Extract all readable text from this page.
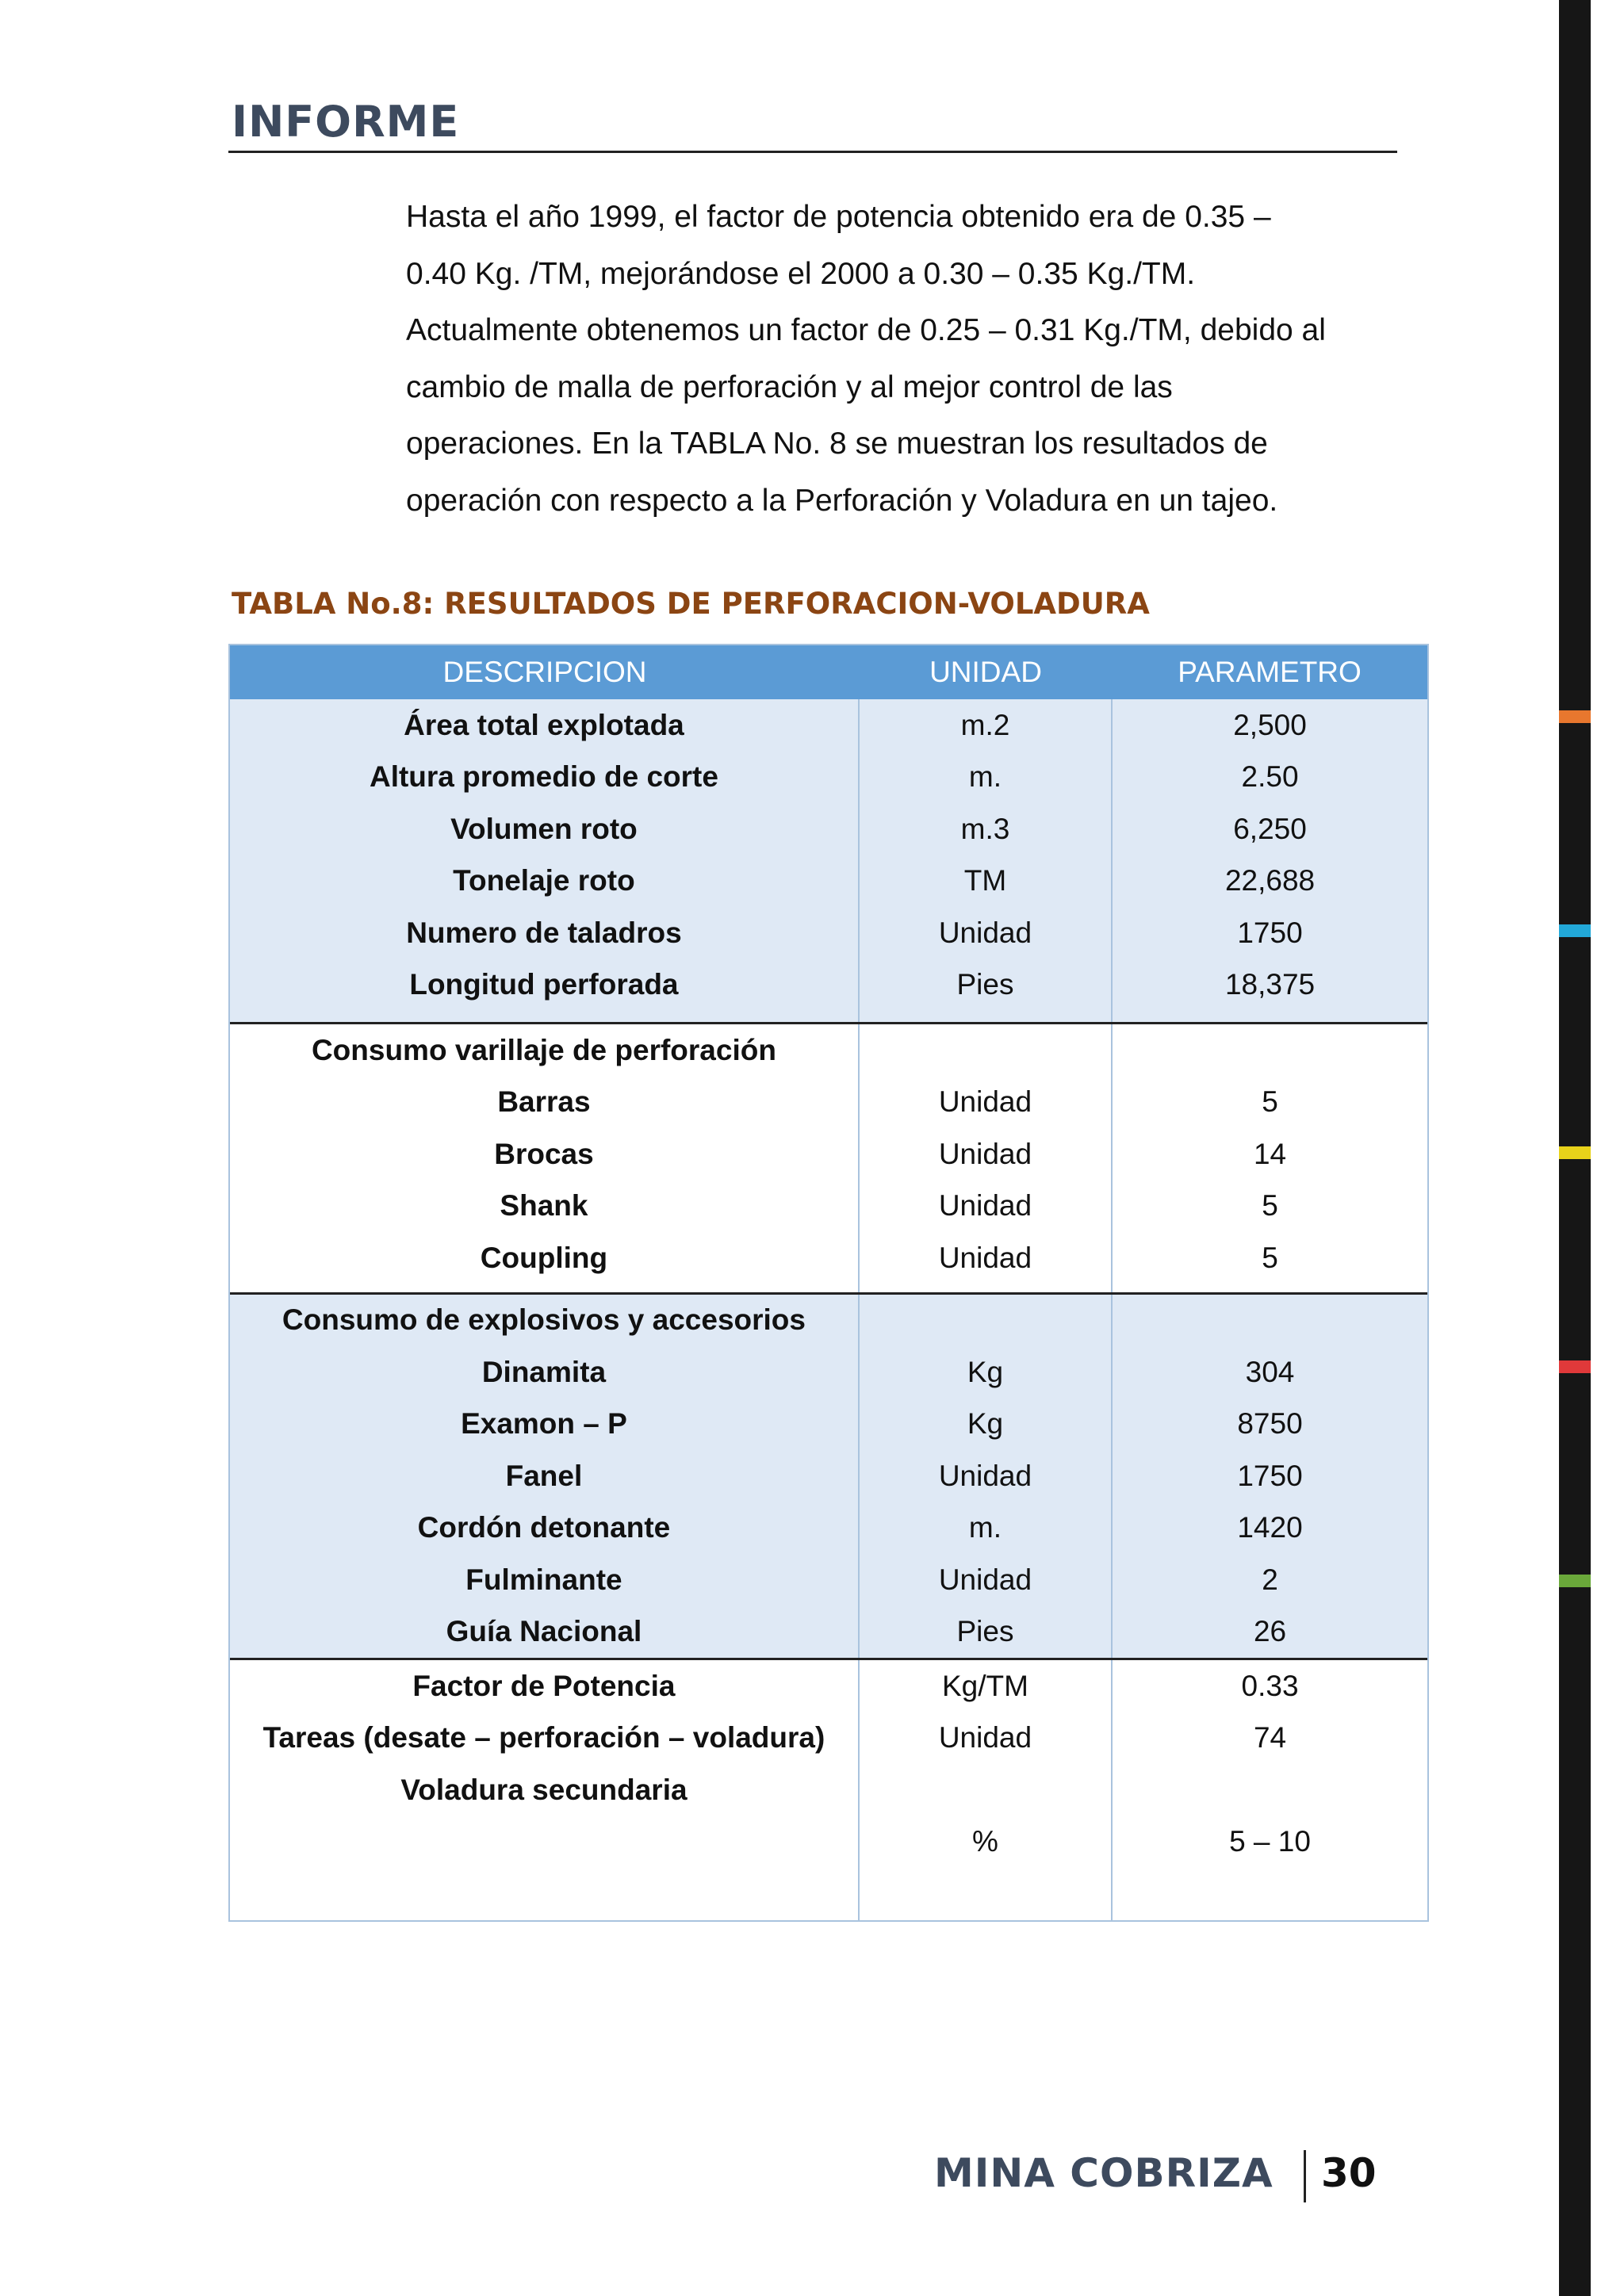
INFORME

Hasta el año 1999, el factor de potencia obtenido era de 0.35 –

0.40 Kg. /TM, mejorándose el 2000 a 0.30 – 0.35 Kg./TM.

Actualmente obtenemos un factor de 0.25 – 0.31 Kg./TM, debido al

cambio de malla de perforación y al mejor control de las

operaciones. En la TABLA No. 8 se muestran los resultados de

operación con respecto a la Perforación y Voladura en un tajeo.

TABLA No.8: RESULTADOS DE PERFORACION-VOLADURA
DESCRIPCION	UNIDAD	PARAMETRO
Área total explotada
Altura promedio de corte
Volumen roto
Tonelaje roto
Numero de taladros
Longitud perforada
m.2
m.
m.3
TM
Unidad
Pies
2,500
2.50
6,250
22,688
1750
18,375
Consumo varillaje de perforación
Barras
Brocas
Shank
Coupling
Unidad
Unidad
Unidad
Unidad
5
14
5
5
Consumo de explosivos y accesorios
Dinamita
Examon – P
Fanel
Cordón detonante
Fulminante
Guía Nacional
Kg
Kg
Unidad
m.
Unidad
Pies
304
8750
1750
1420
2
26
Factor de Potencia
Tareas (desate – perforación – voladura)
Voladura secundaria
Kg/TM
Unidad
%
0.33
74
5 – 10
MINA COBRIZA 30
